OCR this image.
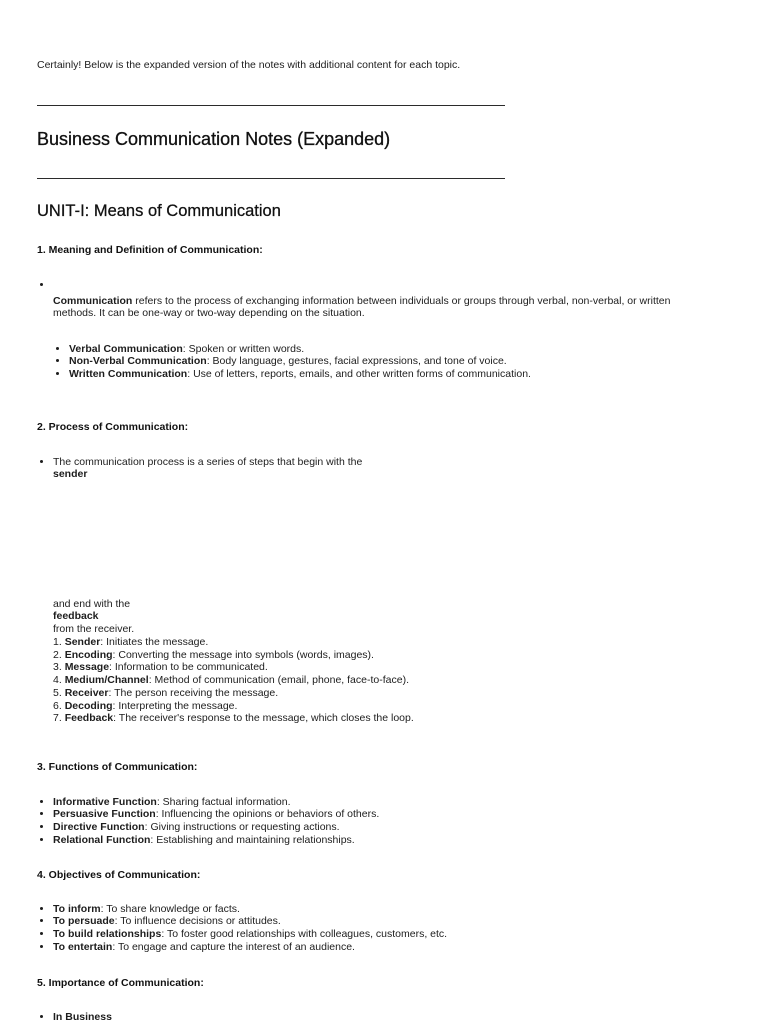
Certainly! Below is the expanded version of the notes with additional content for each topic.
Business Communication Notes (Expanded)
UNIT-I: Means of Communication
1. Meaning and Definition of Communication:
Communication refers to the process of exchanging information between individuals or groups through verbal, non-verbal, or written
methods. It can be one-way or two-way depending on the situation.
• Verbal Communication: Spoken or written words.
• Non-Verbal Communication: Body language, gestures, facial expressions, and tone of voice.
• Written Communication: Use of letters, reports, emails, and other written forms of communication.
2. Process of Communication:
• The communication process is a series of steps that begin with the
sender
and end with the
feedback
from the receiver.
1. Sender: Initiates the message.
2. Encoding: Converting the message into symbols (words, images).
3. Message: Information to be communicated.
4. Medium/Channel: Method of communication (email, phone, face-to-face).
5. Receiver: The person receiving the message.
6. Decoding: Interpreting the message.
7. Feedback: The receiver's response to the message, which closes the loop.
3. Functions of Communication:
• Informative Function: Sharing factual information.
• Persuasive Function: Influencing the opinions or behaviors of others.
• Directive Function: Giving instructions or requesting actions.
• Relational Function: Establishing and maintaining relationships.
4. Objectives of Communication:
• To inform: To share knowledge or facts.
• To persuade: To influence decisions or attitudes.
• To build relationships: To foster good relationships with colleagues, customers, etc.
• To entertain: To engage and capture the interest of an audience.
5. Importance of Communication:
• In Business
